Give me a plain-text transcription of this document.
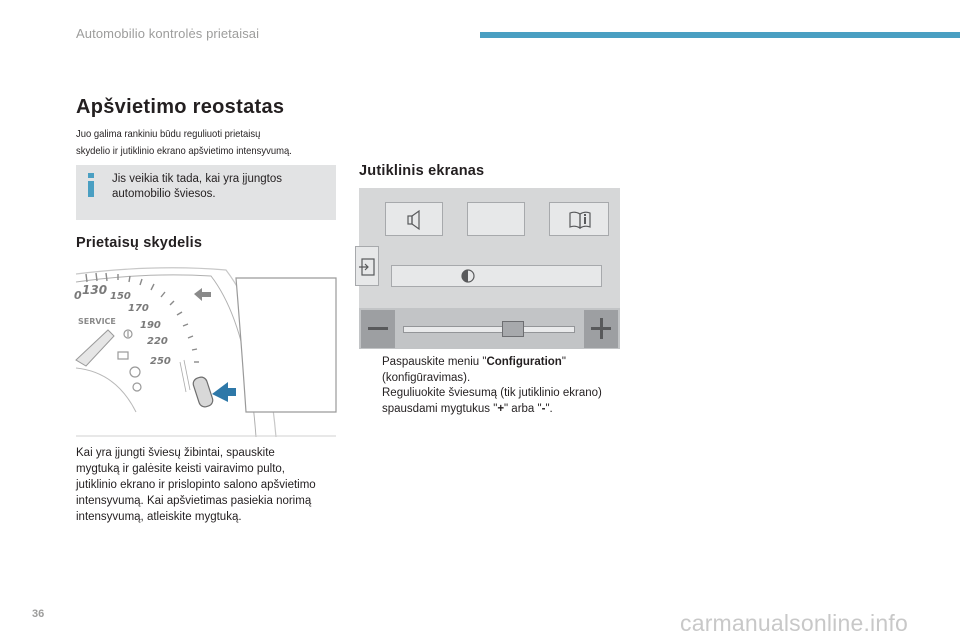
Automobilio kontrolės prietaisai
Apšvietimo reostatas
Juo galima rankiniu būdu reguliuoti prietaisų
skydelio ir jutiklinio ekrano apšvietimo intensyvumą.
Jis veikia tik tada, kai yra įjungtos
automobilio šviesos.
Prietaisų skydelis
0 130 150
170
190
220
250
SERVICE
Kai yra įjungti šviesų žibintai, spauskite
mygtuką ir galėsite keisti vairavimo pulto,
jutiklinio ekrano ir prislopinto salono apšvietimo
intensyvumą. Kai apšvietimas pasiekia norimą
intensyvumą, atleiskite mygtuką.
Jutiklinis ekranas
Paspauskite meniu "Configuration"
(konfigūravimas).
Reguliuokite šviesumą (tik jutiklinio ekrano)
spausdami mygtukus "+" arba "-".
36	carmanualsonline.info
